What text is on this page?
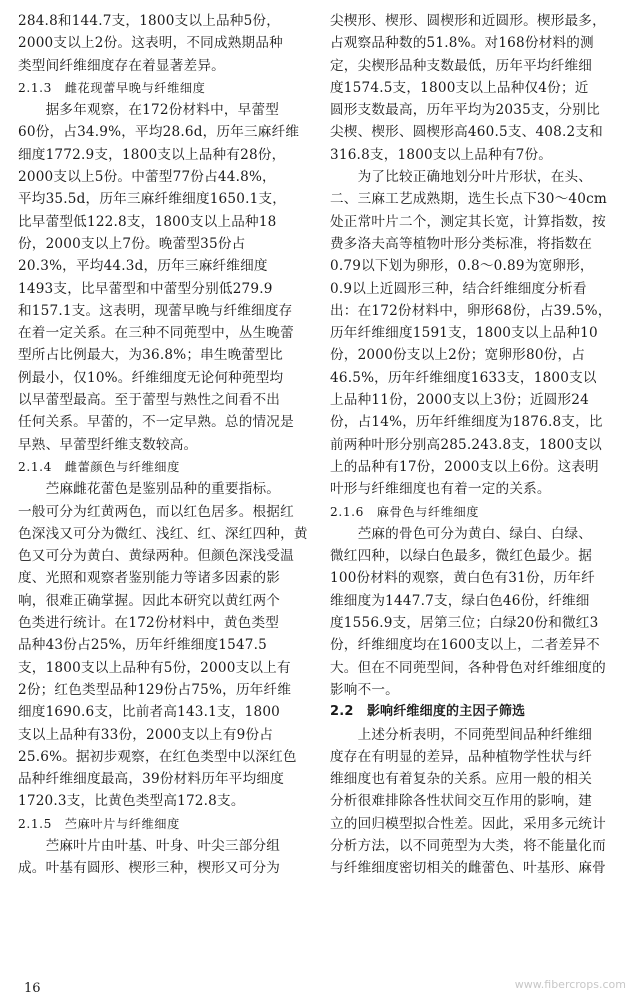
284.8和144.7支，1800支以上品种5份，
2000支以上2份。这表明，不同成熟期品种
类型间纤维细度存在着显著差异。
2.1.3　雌花现蕾早晚与纤维细度
　　据多年观察，在172份材料中，早蕾型
60份，占34.9%，平均28.6d，历年三麻纤维
细度1772.9支，1800支以上品种有28份，
2000支以上5份。中蕾型77份占44.8%，
平均35.5d，历年三麻纤维细度1650.1支，
比早蕾型低122.8支，1800支以上品种18
份，2000支以上7份。晚蕾型35份占
20.3%，平均44.3d，历年三麻纤维细度
1493支，比早蕾型和中蕾型分别低279.9
和157.1支。这表明，现蕾早晚与纤维细度存
在着一定关系。在三种不同蔸型中，丛生晚蕾
型所占比例最大，为36.8%；串生晚蕾型比
例最小，仅10%。纤维细度无论何种蔸型均
以早蕾型最高。至于蕾型与熟性之间看不出
任何关系。早蕾的，不一定早熟。总的情况是
早熟、早蕾型纤维支数较高。
2.1.4　雌蕾颜色与纤维细度
　　苎麻雌花蕾色是鉴别品种的重要指标。
一般可分为红黄两色，而以红色居多。根据红
色深浅又可分为微红、浅红、红、深红四种，黄
色又可分为黄白、黄绿两种。但颜色深浅受温
度、光照和观察者鉴别能力等诸多因素的影
响，很难正确掌握。因此本研究以黄红两个
色类进行统计。在172份材料中，黄色类型
品种43份占25%，历年纤维细度1547.5
支，1800支以上品种有5份，2000支以上有
2份；红色类型品种129份占75%，历年纤维
细度1690.6支，比前者高143.1支，1800
支以上品种有33份，2000支以上有9份占
25.6%。据初步观察，在红色类型中以深红色
品种纤维细度最高，39份材料历年平均细度
1720.3支，比黄色类型高172.8支。
2.1.5　苎麻叶片与纤维细度
　　苎麻叶片由叶基、叶身、叶尖三部分组
成。叶基有圆形、楔形三种，楔形又可分为
尖楔形、楔形、圆楔形和近圆形。楔形最多，
占观察品种数的51.8%。对168份材料的测
定，尖楔形品种支数最低，历年平均纤维细
度1574.5支，1800支以上品种仅4份；近
圆形支数最高，历年平均为2035支，分别比
尖楔、楔形、圆楔形高460.5支、408.2支和
316.8支，1800支以上品种有7份。
　　为了比较正确地划分叶片形状，在头、
二、三麻工艺成熟期，选生长点下30～40cm
处正常叶片二个，测定其长宽，计算指数，按
费多洛夫高等植物叶形分类标准，将指数在
0.79以下划为卵形，0.8～0.89为宽卵形，
0.9以上近圆形三种，结合纤维细度分析看
出：在172份材料中，卵形68份，占39.5%，
历年纤维细度1591支，1800支以上品种10
份，2000份支以上2份；宽卵形80份，占
46.5%，历年纤维细度1633支，1800支以
上品种11份，2000支以上3份；近圆形24
份，占14%，历年纤维细度为1876.8支，比
前两种叶形分别高285.243.8支，1800支以
上的品种有17份，2000支以上6份。这表明
叶形与纤维细度也有着一定的关系。
2.1.6　麻骨色与纤维细度
　　苎麻的骨色可分为黄白、绿白、白绿、
微红四种，以绿白色最多，微红色最少。据
100份材料的观察，黄白色有31份，历年纤
维细度为1447.7支，绿白色46份，纤维细
度1556.9支，居第三位；白绿20份和微红3
份，纤维细度均在1600支以上，二者差异不
大。但在不同蔸型间，各种骨色对纤维细度的
影响不一。
2.2　影响纤维细度的主因子筛选
　　上述分析表明，不同蔸型间品种纤维细
度存在有明显的差异，品种植物学性状与纤
维细度也有着复杂的关系。应用一般的相关
分析很难排除各性状间交互作用的影响，建
立的回归模型拟合性差。因此，采用多元统计
分析方法，以不同蔸型为大类，将不能量化而
与纤维细度密切相关的雌蕾色、叶基形、麻骨
16	www.fibercrops.com
